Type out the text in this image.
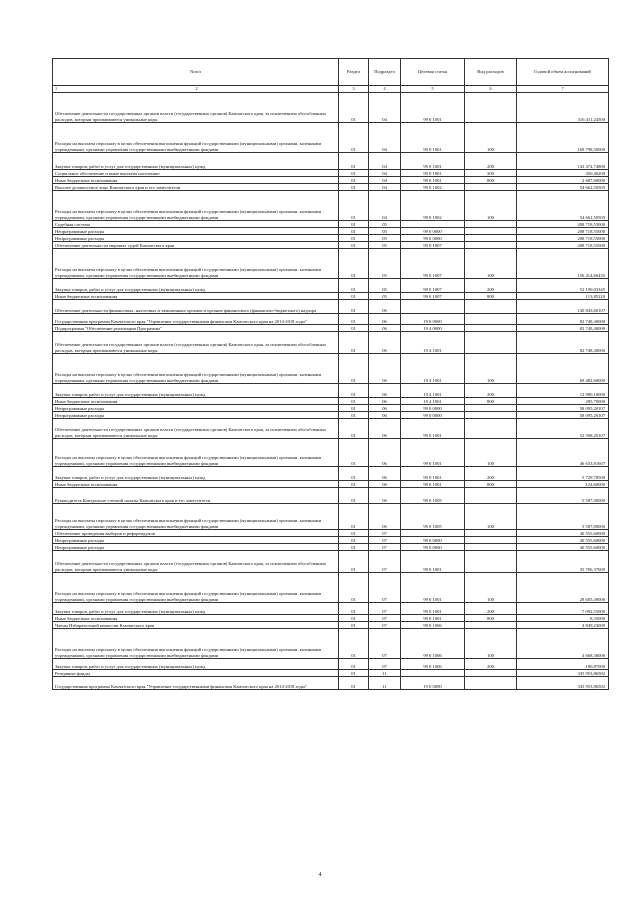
№п/п	Раздел	Подраздел	Целевая статья	Вид расходов	Годовой объем ассигнований

1 2	3	4	5	6	7
Обеспечение деятельности государственных органов власти (государственных органов) Камчатского края, за исключением обособленных расходов, которым присваиваются уникальные коды	01	04	99 0 1001		316 411,24500
Расходы на выплаты персоналу в целях обеспечения выполнения функций государственными (муниципальными) органами, казенными учреждениями, органами управления государственными внебюджетными фондами	01	04	99 0 1001	100	169 798,50000
Закупка товаров, работ и услуг для государственных (муниципальных) нужд	01	04	99 0 1001	200	143 474,74800
Социальное обеспечение и иные выплаты населению	01	04	99 0 1001	300	450,40200
Иные бюджетные ассигнования	01	04	99 0 1001	800	2 687,60000
Высшее должностное лицо Камчатского края и его заместители	01	04	99 0 1002		54 662,50505
Расходы на выплаты персоналу в целях обеспечения выполнения функций государственными (муниципальными) органами, казенными учреждениями, органами управления государственными внебюджетными фондами	01	04	99 0 1002	100	54 662,50505
Судебная система	01	05			208 718,55000
Непрограммные расходы	01	05	99 0 0000		208 718,55000
Непрограммные расходы	01	05	99 0 0000		208 718,55000
Обеспечение деятельности мировых судей Камчатского края	01	05	99 0 1007		208 718,55000
Расходы на выплаты персоналу в целях обеспечения выполнения функций государственными (муниципальными) органами, казенными учреждениями, органами управления государственными внебюджетными фондами	01	05	99 0 1007	100	156 414,66435
Закупка товаров, работ и услуг для государственных (муниципальных) нужд	01	05	99 0 1007	200	52 190,03345
Иные бюджетные ассигнования	01	05	99 0 1007	800	113,85220
Обеспечение деятельности финансовых, налоговых и таможенных органов и органов финансового (финансово-бюджетного) надзора	01	06			140 843,60107
Государственная программа Камчатского края "Управление государственными финансами Камчатского края на 2014-2018 годы"	01	06	19 0 0000		82 748,40000
Подпрограмма "Обеспечение реализации Программы"	01	06	19 4 0000		82 748,40000
Обеспечение деятельности государственных органов власти (государственных органов) Камчатского края, за исключением обособленных расходов, которым присваиваются уникальные коды	01	06	19 4 1001		82 748,40000
Расходы на выплаты персоналу в целях обеспечения выполнения функций государственными (муниципальными) органами, казенными учреждениями, органами управления государственными внебюджетными фондами	01	06	19 4 1001	100	69 482,60000
Закупка товаров, работ и услуг для государственных (муниципальных) нужд	01	06	19 4 1001	200	12 980,10000
Иные бюджетные ассигнования	01	06	19 4 1001	800	285,70000
Непрограммные расходы	01	06	99 0 0000		58 095,20107
Непрограммные расходы	01	06	99 0 0000		58 095,20107
Обеспечение деятельности государственных органов власти (государственных органов) Камчатского края, за исключением обособленных расходов, которым присваиваются уникальные коды	01	06	99 0 1001		52 508,20107
Расходы на выплаты персоналу в целях обеспечения выполнения функций государственными (муниципальными) органами, казенными учреждениями, органами управления государственными внебюджетными фондами	01	06	99 0 1001	100	46 633,81607
Закупка товаров, работ и услуг для государственных (муниципальных) нужд	01	06	99 0 1001	200	5 729,78500
Иные бюджетные ассигнования	01	06	99 0 1001	800	124,60000
Руководитель Контрольно-счетной палаты Камчатского края и его заместители	01	06	99 0 1005		5 587,00000
Расходы на выплаты персоналу в целях обеспечения выполнения функций государственными (муниципальными) органами, казенными учреждениями, органами управления государственными внебюджетными фондами	01	06	99 0 1005	100	5 587,00000
Обеспечение проведения выборов и референдумов	01	07			40 555,60000
Непрограммные расходы	01	07	99 0 0000		40 555,60000
Непрограммные расходы	01	07	99 0 0000		40 555,60000
Обеспечение деятельности государственных органов власти (государственных органов) Камчатского края, за исключением обособленных расходов, которым присваиваются уникальные коды	01	07	99 0 1001		35 706,37000
Расходы на выплаты персоналу в целях обеспечения выполнения функций государственными (муниципальными) органами, казенными учреждениями, органами управления государственными внебюджетными фондами	01	07	99 0 1001	100	28 605,49000
Закупка товаров, работ и услуг для государственных (муниципальных) нужд	01	07	99 0 1001	200	7 092,55000
Иные бюджетные ассигнования	01	07	99 0 1001	800	8,33000
Члены Избирательной комиссии Камчатского края	01	07	99 0 1006		4 849,23000
Расходы на выплаты персоналу в целях обеспечения выполнения функций государственными (муниципальными) органами, казенными учреждениями, органами управления государственными внебюджетными фондами	01	07	99 0 1006	100	4 668,36000
Закупка товаров, работ и услуг для государственных (муниципальных) нужд	01	07	99 0 1006	200	180,87000
Резервные фонды	01	11			335 953,86582
Государственная программа Камчатского края "Управление государственными финансами Камчатского края на 2014-2018 годы"	01	11	19 0 0000		335 953,86582
4
